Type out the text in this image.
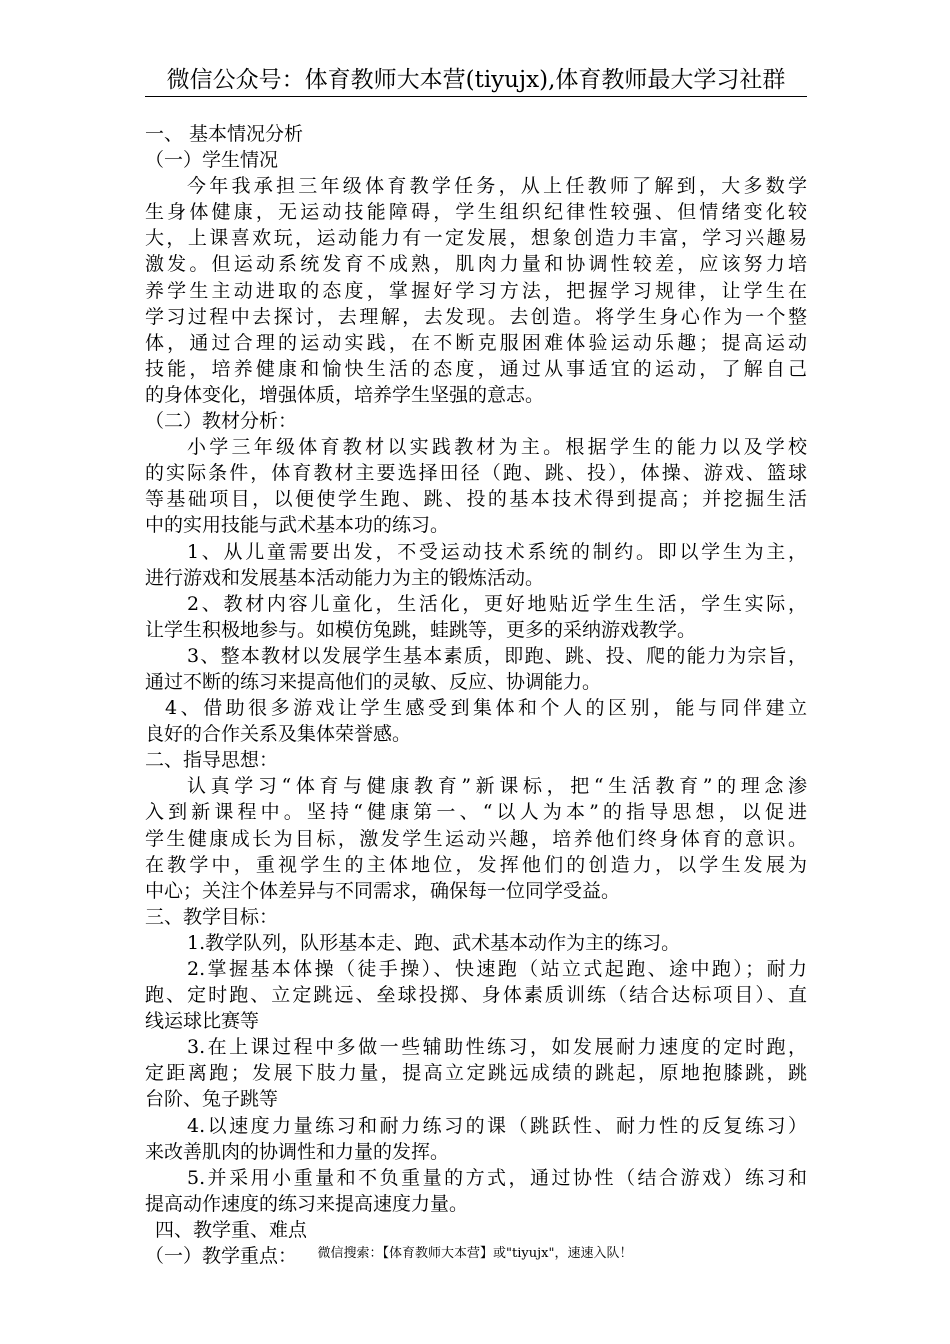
微信公众号：体育教师大本营(tiyujx),体育教师最大学习社群
一、 基本情况分析
（一）学生情况
今年我承担三年级体育教学任务，从上任教师了解到，大多数学
生身体健康，无运动技能障碍，学生组织纪律性较强、但情绪变化较
大，上课喜欢玩，运动能力有一定发展，想象创造力丰富，学习兴趣易
激发。但运动系统发育不成熟，肌肉力量和协调性较差，应该努力培
养学生主动进取的态度，掌握好学习方法，把握学习规律，让学生在
学习过程中去探讨，去理解，去发现。去创造。将学生身心作为一个整
体，通过合理的运动实践，在不断克服困难体验运动乐趣；提高运动
技能，培养健康和愉快生活的态度，通过从事适宜的运动，了解自己
的身体变化，增强体质，培养学生坚强的意志。
（二）教材分析：
小学三年级体育教材以实践教材为主。根据学生的能力以及学校
的实际条件，体育教材主要选择田径（跑、跳、投），体操、游戏、篮球
等基础项目，以便使学生跑、跳、投的基本技术得到提高；并挖掘生活
中的实用技能与武术基本功的练习。
1、从儿童需要出发，不受运动技术系统的制约。即以学生为主，
进行游戏和发展基本活动能力为主的锻炼活动。
2、教材内容儿童化，生活化，更好地贴近学生生活，学生实际，
让学生积极地参与。如模仿兔跳，蛙跳等，更多的采纳游戏教学。
3、整本教材以发展学生基本素质，即跑、跳、投、爬的能力为宗旨，
通过不断的练习来提高他们的灵敏、反应、协调能力。
4、借助很多游戏让学生感受到集体和个人的区别，能与同伴建立
良好的合作关系及集体荣誉感。
二、指导思想：
认真学习“体育与健康教育”新课标，把“生活教育”的理念渗
入到新课程中。坚持“健康第一、“以人为本”的指导思想，以促进
学生健康成长为目标，激发学生运动兴趣，培养他们终身体育的意识。
在教学中，重视学生的主体地位，发挥他们的创造力，以学生发展为
中心；关注个体差异与不同需求，确保每一位同学受益。
三、教学目标：
1.教学队列，队形基本走、跑、武术基本动作为主的练习。
2.掌握基本体操（徒手操）、快速跑（站立式起跑、途中跑）；耐力
跑、定时跑、立定跳远、垒球投掷、身体素质训练（结合达标项目）、直
线运球比赛等
3.在上课过程中多做一些辅助性练习，如发展耐力速度的定时跑，
定距离跑；发展下肢力量，提高立定跳远成绩的跳起，原地抱膝跳，跳
台阶、兔子跳等
4.以速度力量练习和耐力练习的课（跳跃性、耐力性的反复练习）
来改善肌肉的协调性和力量的发挥。
5.并采用小重量和不负重量的方式，通过协性（结合游戏）练习和
提高动作速度的练习来提高速度力量。
四、教学重、难点
（一）教学重点：	微信搜索：【体育教师大本营】或"tiyujx"，速速入队！
